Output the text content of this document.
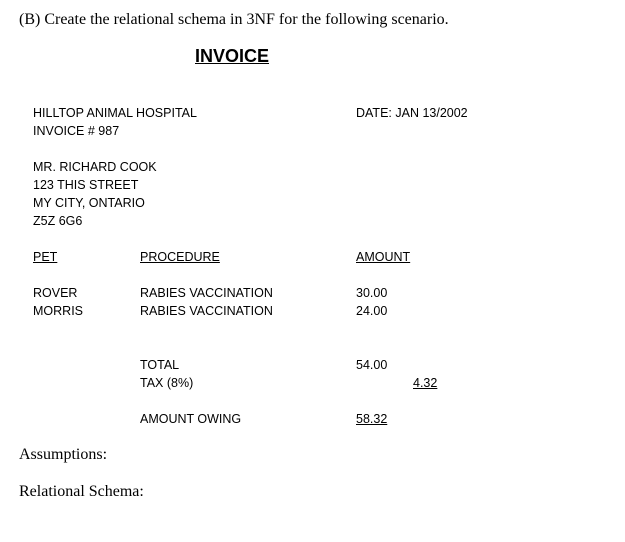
(B) Create the relational schema in 3NF for the following scenario.
INVOICE
HILLTOP ANIMAL HOSPITAL	DATE: JAN 13/2002
INVOICE # 987
MR. RICHARD COOK
123 THIS STREET
MY CITY, ONTARIO
Z5Z 6G6
PET	PROCEDURE	AMOUNT
ROVER	RABIES VACCINATION	30.00
MORRIS	RABIES VACCINATION	24.00
TOTAL	54.00
TAX (8%)	4.32
AMOUNT OWING	58.32
Assumptions:
Relational Schema:
